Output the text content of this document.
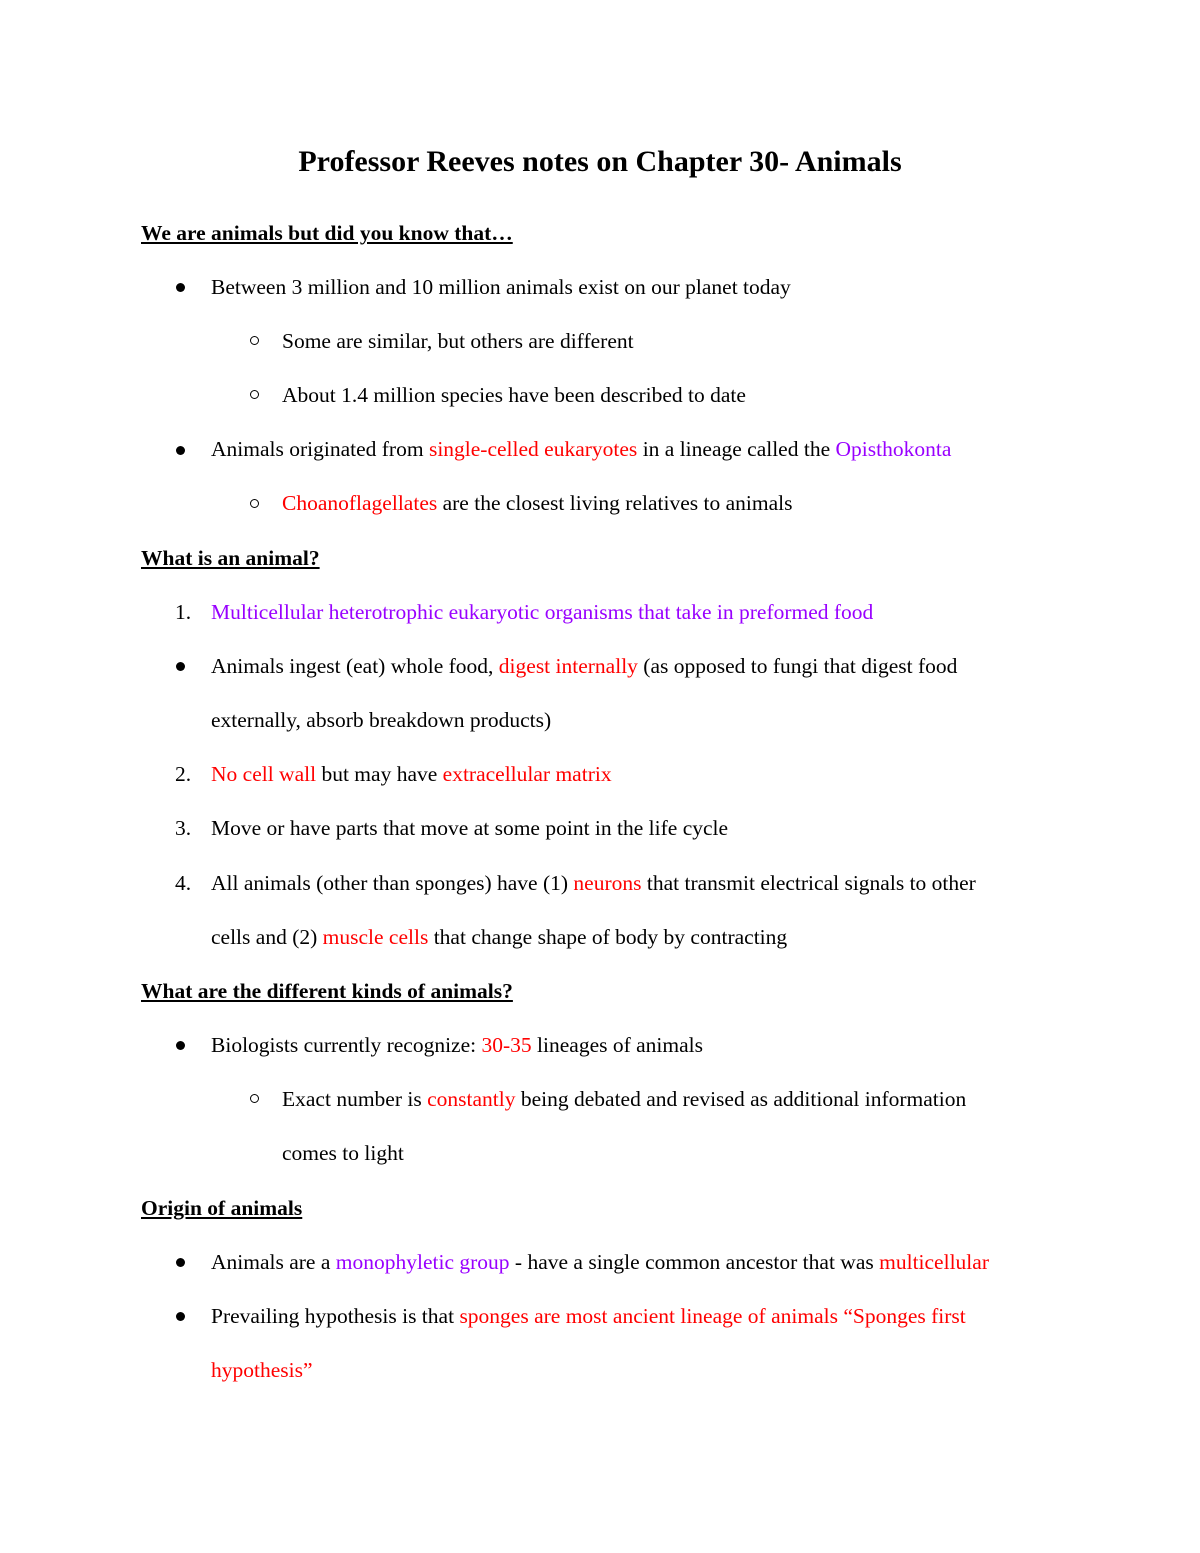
Professor Reeves notes on Chapter 30- Animals
We are animals but did you know that…
Between 3 million and 10 million animals exist on our planet today
Some are similar, but others are different
About 1.4 million species have been described to date
Animals originated from single-celled eukaryotes in a lineage called the Opisthokonta
Choanoflagellates are the closest living relatives to animals
What is an animal?
1. Multicellular heterotrophic eukaryotic organisms that take in preformed food
Animals ingest (eat) whole food, digest internally (as opposed to fungi that digest food
externally, absorb breakdown products)
2. No cell wall but may have extracellular matrix
3. Move or have parts that move at some point in the life cycle
4. All animals (other than sponges) have (1) neurons that transmit electrical signals to other
cells and (2) muscle cells that change shape of body by contracting
What are the different kinds of animals?
Biologists currently recognize: 30-35 lineages of animals
Exact number is constantly being debated and revised as additional information
comes to light
Origin of animals
Animals are a monophyletic group - have a single common ancestor that was multicellular
Prevailing hypothesis is that sponges are most ancient lineage of animals “Sponges first
hypothesis”
